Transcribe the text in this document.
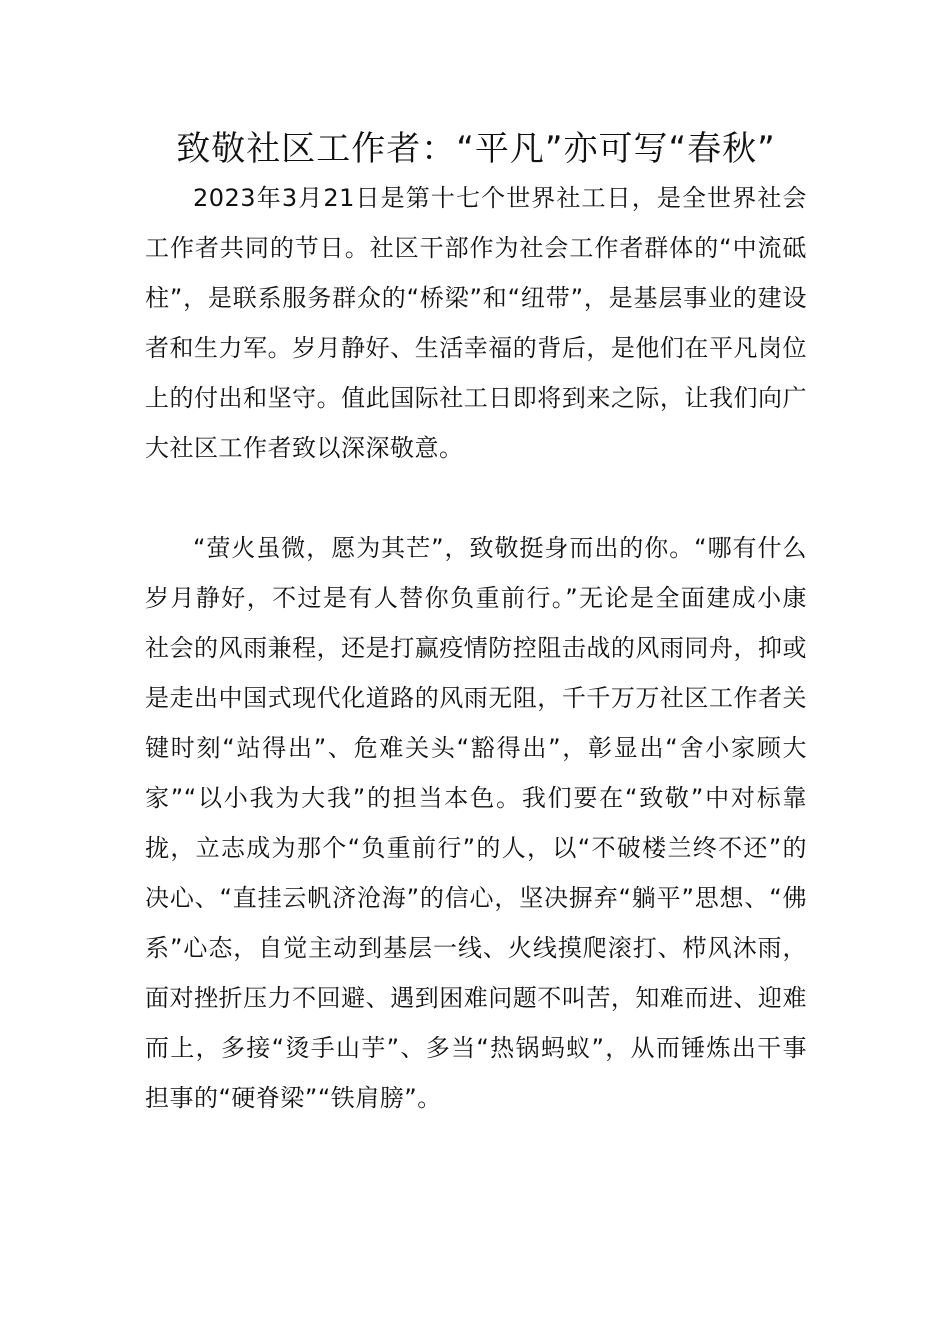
致敬社区工作者：“平凡”亦可写“春秋”

2023年3月21日是第十七个世界社工日，是全世界社会工作者共同的节日。社区干部作为社会工作者群体的“中流砥柱”，是联系服务群众的“桥梁”和“纽带”，是基层事业的建设者和生力军。岁月静好、生活幸福的背后，是他们在平凡岗位上的付出和坚守。值此国际社工日即将到来之际，让我们向广大社区工作者致以深深敬意。

“萤火虽微，愿为其芒”，致敬挺身而出的你。“哪有什么岁月静好，不过是有人替你负重前行。”无论是全面建成小康社会的风雨兼程，还是打赢疫情防控阻击战的风雨同舟，抑或是走出中国式现代化道路的风雨无阻，千千万万社区工作者关键时刻“站得出”、危难关头“豁得出”，彰显出“舍小家顾大家”“以小我为大我”的担当本色。我们要在“致敬”中对标靠拢，立志成为那个“负重前行”的人，以“不破楼兰终不还”的决心、“直挂云帆济沧海”的信心，坚决摒弃“躺平”思想、“佛系”心态，自觉主动到基层一线、火线摸爬滚打、栉风沐雨，面对挫折压力不回避、遇到困难问题不叫苦，知难而进、迎难而上，多接“烫手山芋”、多当“热锅蚂蚁”，从而锤炼出干事担事的“硬脊梁”“铁肩膀”。
